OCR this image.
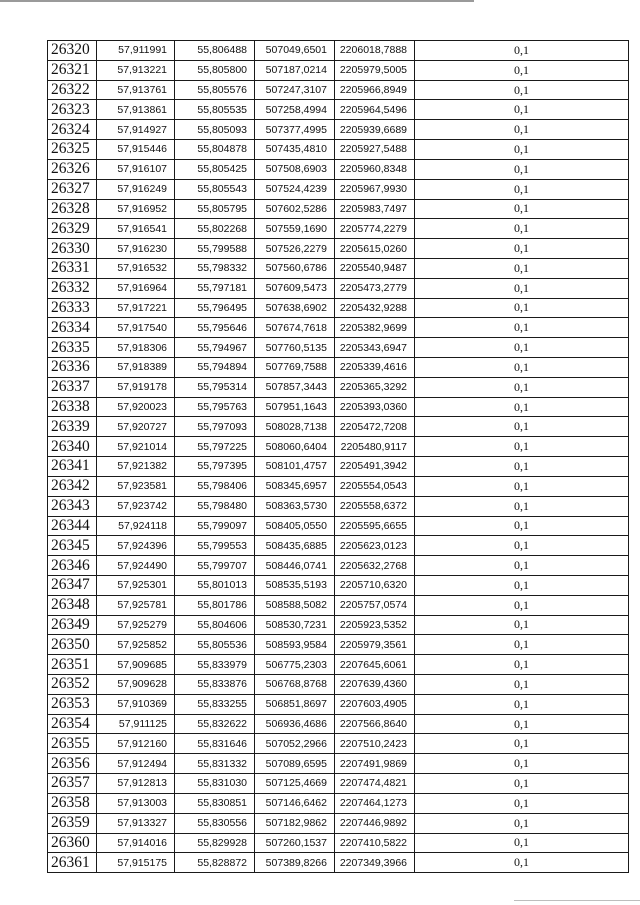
26320	57,911991	55,806488	507049,6501	2206018,7888	0,1
26321	57,913221	55,805800	507187,0214	2205979,5005	0,1
26322	57,913761	55,805576	507247,3107	2205966,8949	0,1
26323	57,913861	55,805535	507258,4994	2205964,5496	0,1
26324	57,914927	55,805093	507377,4995	2205939,6689	0,1
26325	57,915446	55,804878	507435,4810	2205927,5488	0,1
26326	57,916107	55,805425	507508,6903	2205960,8348	0,1
26327	57,916249	55,805543	507524,4239	2205967,9930	0,1
26328	57,916952	55,805795	507602,5286	2205983,7497	0,1
26329	57,916541	55,802268	507559,1690	2205774,2279	0,1
26330	57,916230	55,799588	507526,2279	2205615,0260	0,1
26331	57,916532	55,798332	507560,6786	2205540,9487	0,1
26332	57,916964	55,797181	507609,5473	2205473,2779	0,1
26333	57,917221	55,796495	507638,6902	2205432,9288	0,1
26334	57,917540	55,795646	507674,7618	2205382,9699	0,1
26335	57,918306	55,794967	507760,5135	2205343,6947	0,1
26336	57,918389	55,794894	507769,7588	2205339,4616	0,1
26337	57,919178	55,795314	507857,3443	2205365,3292	0,1
26338	57,920023	55,795763	507951,1643	2205393,0360	0,1
26339	57,920727	55,797093	508028,7138	2205472,7208	0,1
26340	57,921014	55,797225	508060,6404	2205480,9117	0,1
26341	57,921382	55,797395	508101,4757	2205491,3942	0,1
26342	57,923581	55,798406	508345,6957	2205554,0543	0,1
26343	57,923742	55,798480	508363,5730	2205558,6372	0,1
26344	57,924118	55,799097	508405,0550	2205595,6655	0,1
26345	57,924396	55,799553	508435,6885	2205623,0123	0,1
26346	57,924490	55,799707	508446,0741	2205632,2768	0,1
26347	57,925301	55,801013	508535,5193	2205710,6320	0,1
26348	57,925781	55,801786	508588,5082	2205757,0574	0,1
26349	57,925279	55,804606	508530,7231	2205923,5352	0,1
26350	57,925852	55,805536	508593,9584	2205979,3561	0,1
26351	57,909685	55,833979	506775,2303	2207645,6061	0,1
26352	57,909628	55,833876	506768,8768	2207639,4360	0,1
26353	57,910369	55,833255	506851,8697	2207603,4905	0,1
26354	57,911125	55,832622	506936,4686	2207566,8640	0,1
26355	57,912160	55,831646	507052,2966	2207510,2423	0,1
26356	57,912494	55,831332	507089,6595	2207491,9869	0,1
26357	57,912813	55,831030	507125,4669	2207474,4821	0,1
26358	57,913003	55,830851	507146,6462	2207464,1273	0,1
26359	57,913327	55,830556	507182,9862	2207446,9892	0,1
26360	57,914016	55,829928	507260,1537	2207410,5822	0,1
26361	57,915175	55,828872	507389,8266	2207349,3966	0,1
